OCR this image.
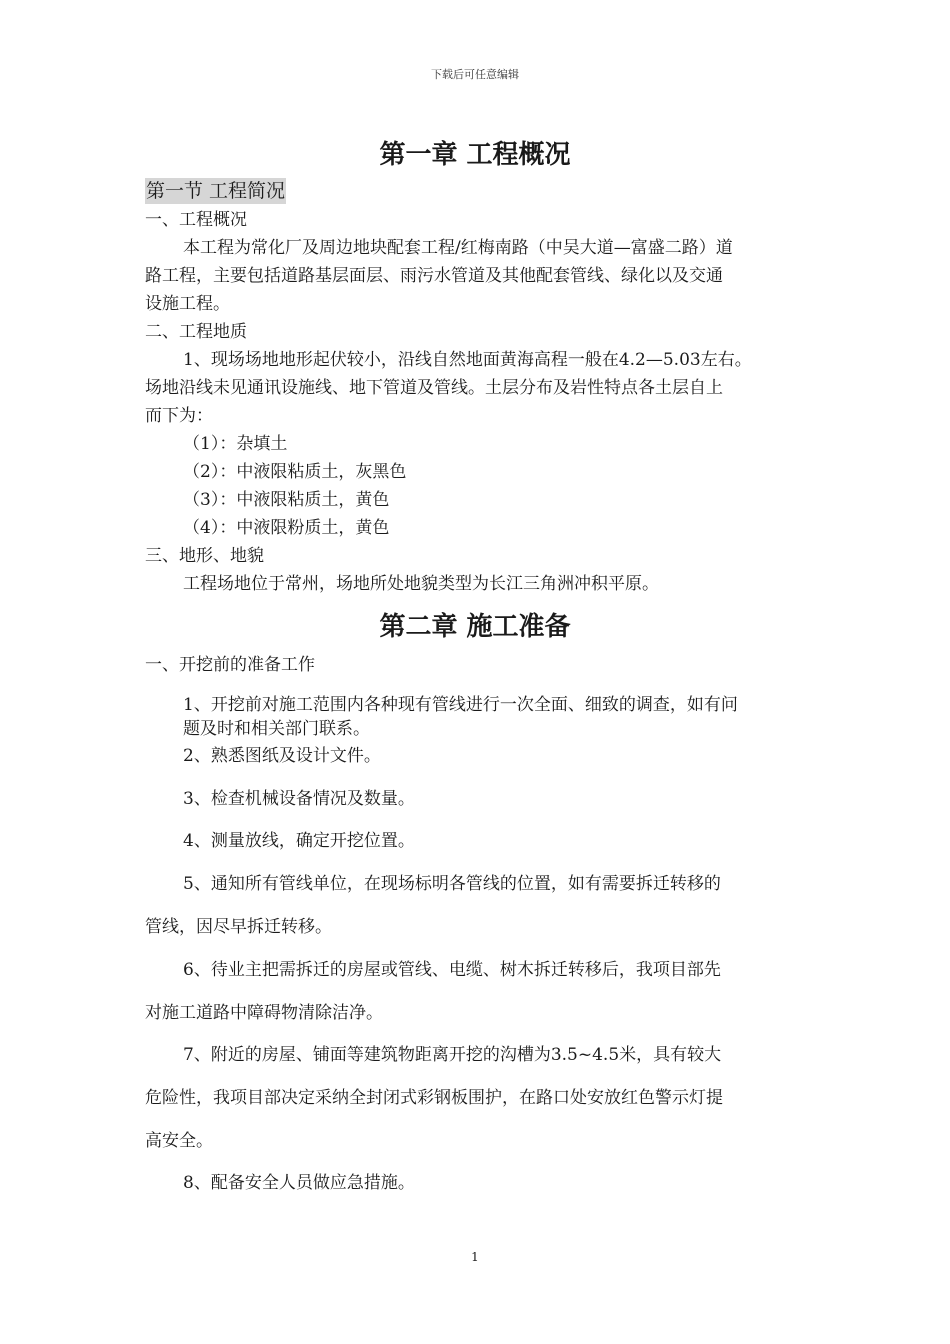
下载后可任意编辑
第一章 工程概况
第一节 工程简况
一、工程概况
本工程为常化厂及周边地块配套工程/红梅南路（中吴大道—富盛二路）道
路工程，主要包括道路基层面层、雨污水管道及其他配套管线、绿化以及交通
设施工程。
二、工程地质
1、现场场地地形起伏较小，沿线自然地面黄海高程一般在4.2—5.03左右。
场地沿线未见通讯设施线、地下管道及管线。土层分布及岩性特点各土层自上
而下为：
（1）：杂填土
（2）：中液限粘质土，灰黑色
（3）：中液限粘质土，黄色
（4）：中液限粉质土，黄色
三、地形、地貌
工程场地位于常州，场地所处地貌类型为长江三角洲冲积平原。
第二章 施工准备
一、开挖前的准备工作
1、开挖前对施工范围内各种现有管线进行一次全面、细致的调查，如有问
题及时和相关部门联系。
2、熟悉图纸及设计文件。
3、检查机械设备情况及数量。
4、测量放线，确定开挖位置。
5、通知所有管线单位，在现场标明各管线的位置，如有需要拆迁转移的
管线，因尽早拆迁转移。
6、待业主把需拆迁的房屋或管线、电缆、树木拆迁转移后，我项目部先
对施工道路中障碍物清除洁净。
7、附近的房屋、铺面等建筑物距离开挖的沟槽为3.5~4.5米，具有较大
危险性，我项目部决定采纳全封闭式彩钢板围护，在路口处安放红色警示灯提
高安全。
8、配备安全人员做应急措施。
1
